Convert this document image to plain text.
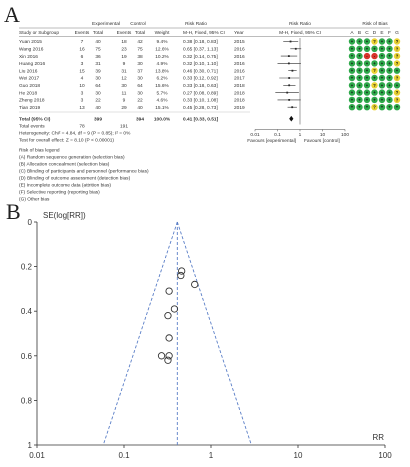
A
B
Experimental Control	Risk Ratio	Risk Ratio	Risk of Bias
Study or Subgroup	Events Total	Events Total Weight	M-H, Fixed, 95% CI Year	M-H, Fixed, 95% CI	A B C D E F G
Yuan 2015	7 40	18 42	9.4%	0.38 [0.18, 0.83]	2015	+ + + ? + + ?
Wang 2016	16 75	23 75	12.6%	0.65 [0.37, 1.13]	2016	+ + + + + + ?
Xin 2016	6 36	19 38	10.2%	0.32 [0.14, 0.75]	2016	+ + - - + + ?
Huang 2016	3 31	9 30	4.9%	0.32 [0.10, 1.10]	2016	+ + + + + + ?
Liu 2016	15 39	31 37	13.8%	0.46 [0.30, 0.71]	2016	+ + + ? + + +
Wei 2017	4 30	12 30	6.2%	0.33 [0.12, 0.92]	2017	+ + + + + + ?
Guo 2018	10 64	30 64	15.6%	0.33 [0.18, 0.63]	2018	+ + + ? + + +
He 2018	3 30	11 30	5.7%	0.27 [0.08, 0.89]	2018	+ + + + + + ?
Zheng 2018	3 22	9 22	4.6%	0.33 [0.10, 1.08]	2018	+ + + + + + ?
Tian 2019	13 40	29 40	15.1%	0.45 [0.28, 0.73]	2019	+ + + ? + + +
Total (95% CI)	399	394 100.0%	0.41 [0.33, 0.51]
Total events	78	191
Heterogeneity: Chi² = 4.84, df = 9 (P = 0.85); I² = 0%
Test for overall effect: Z = 8.10 (P < 0.00001)
0.01	0.1	1	10	100
Favours [experimental] Favours [control]
Risk of bias legend
(A) Random sequence generation (selection bias)
(B) Allocation concealment (selection bias)
(C) Blinding of participants and personnel (performance bias)
(D) Blinding of outcome assessment (detection bias)
(E) Incomplete outcome data (attrition bias)
(F) Selective reporting (reporting bias)
(G) Other bias
0
0.2
0.4
0.6
0.8
1
0.01	0.1	1	10	100
SE(log[RR])
RR
